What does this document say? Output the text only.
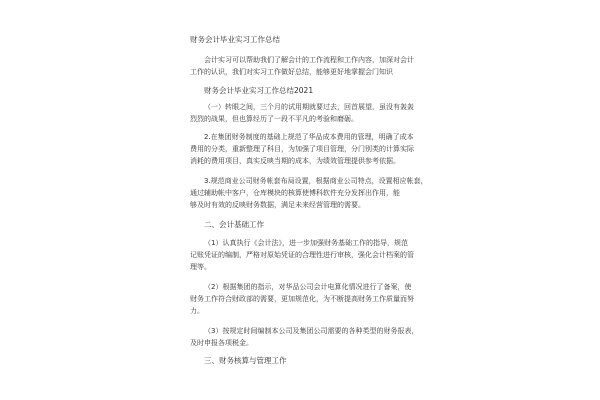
财务会计毕业实习工作总结
会计实习可以帮助我们了解会计的工作流程和工作内容，加深对会计
工作的认识，我们对实习工作做好总结，能够更好地掌握会门知识
财务会计毕业实习工作总结2021
（一）转眼之间，三个月的试用期就要过去，回首展望，虽没有轰轰
烈烈的战果，但也算经历了一段不平凡的考验和磨砺。
2.在集团财务制度的基础上规范了华品成本费用的管理，明确了成本
费用的分类，重新整理了科目，为加强了项目管理，分门别类的计算实际
消耗的费用项目，真实反映当期的成本，为绩效管理提供参考依据。
3.规范商业公司财务帐套布局设置，根据商业公司特点，设置相应帐套，
通过辅助帐中客户，仓库模块的核算使博科软件充分发挥出作用，能
够及时有效的反映财务数据，满足未来经营管理的需要。
二、会计基础工作
（1）认真执行《会计法》，进一步加强财务基础工作的指导，规范
记账凭证的编制，严格对原始凭证的合理性进行审核，强化会计档案的管
理等。
（2）根据集团的指示，对华品公司会计电算化情况进行了备案，使
财务工作符合财政部的需要，更加规范化，为不断提高财务工作质量而努
力。
（3）按规定时间编制本公司及集团公司需要的各种类型的财务报表，
及时申报各项税金。
三、财务核算与管理工作
